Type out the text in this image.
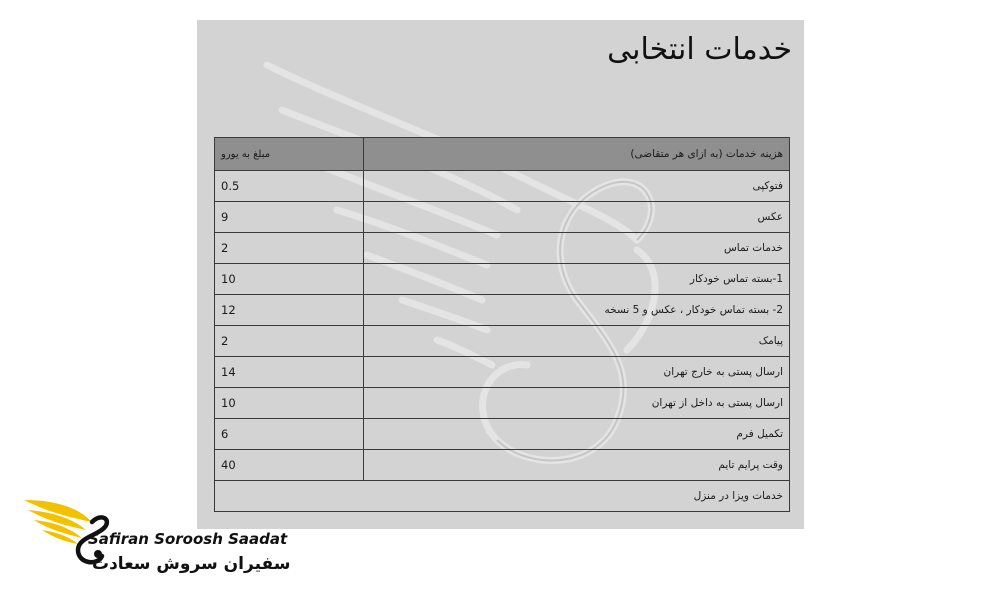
خدمات انتخابی
هزینه خدمات (به ازای هر متقاضی)	مبلغ به یورو
فتوکپی	0.5
عکس	9
خدمات تماس	2
1-بسته تماس خودکار	10
2- بسته تماس خودکار ، عکس و 5 نسخه	12
پیامک	2
ارسال پستی به خارج تهران	14
ارسال پستی به داخل از تهران	10
تکمیل فرم	6
وقت پرایم تایم	40
خدمات ویزا در منزل	
Safiran Soroosh Saadat
سفیران سروش سعادت
